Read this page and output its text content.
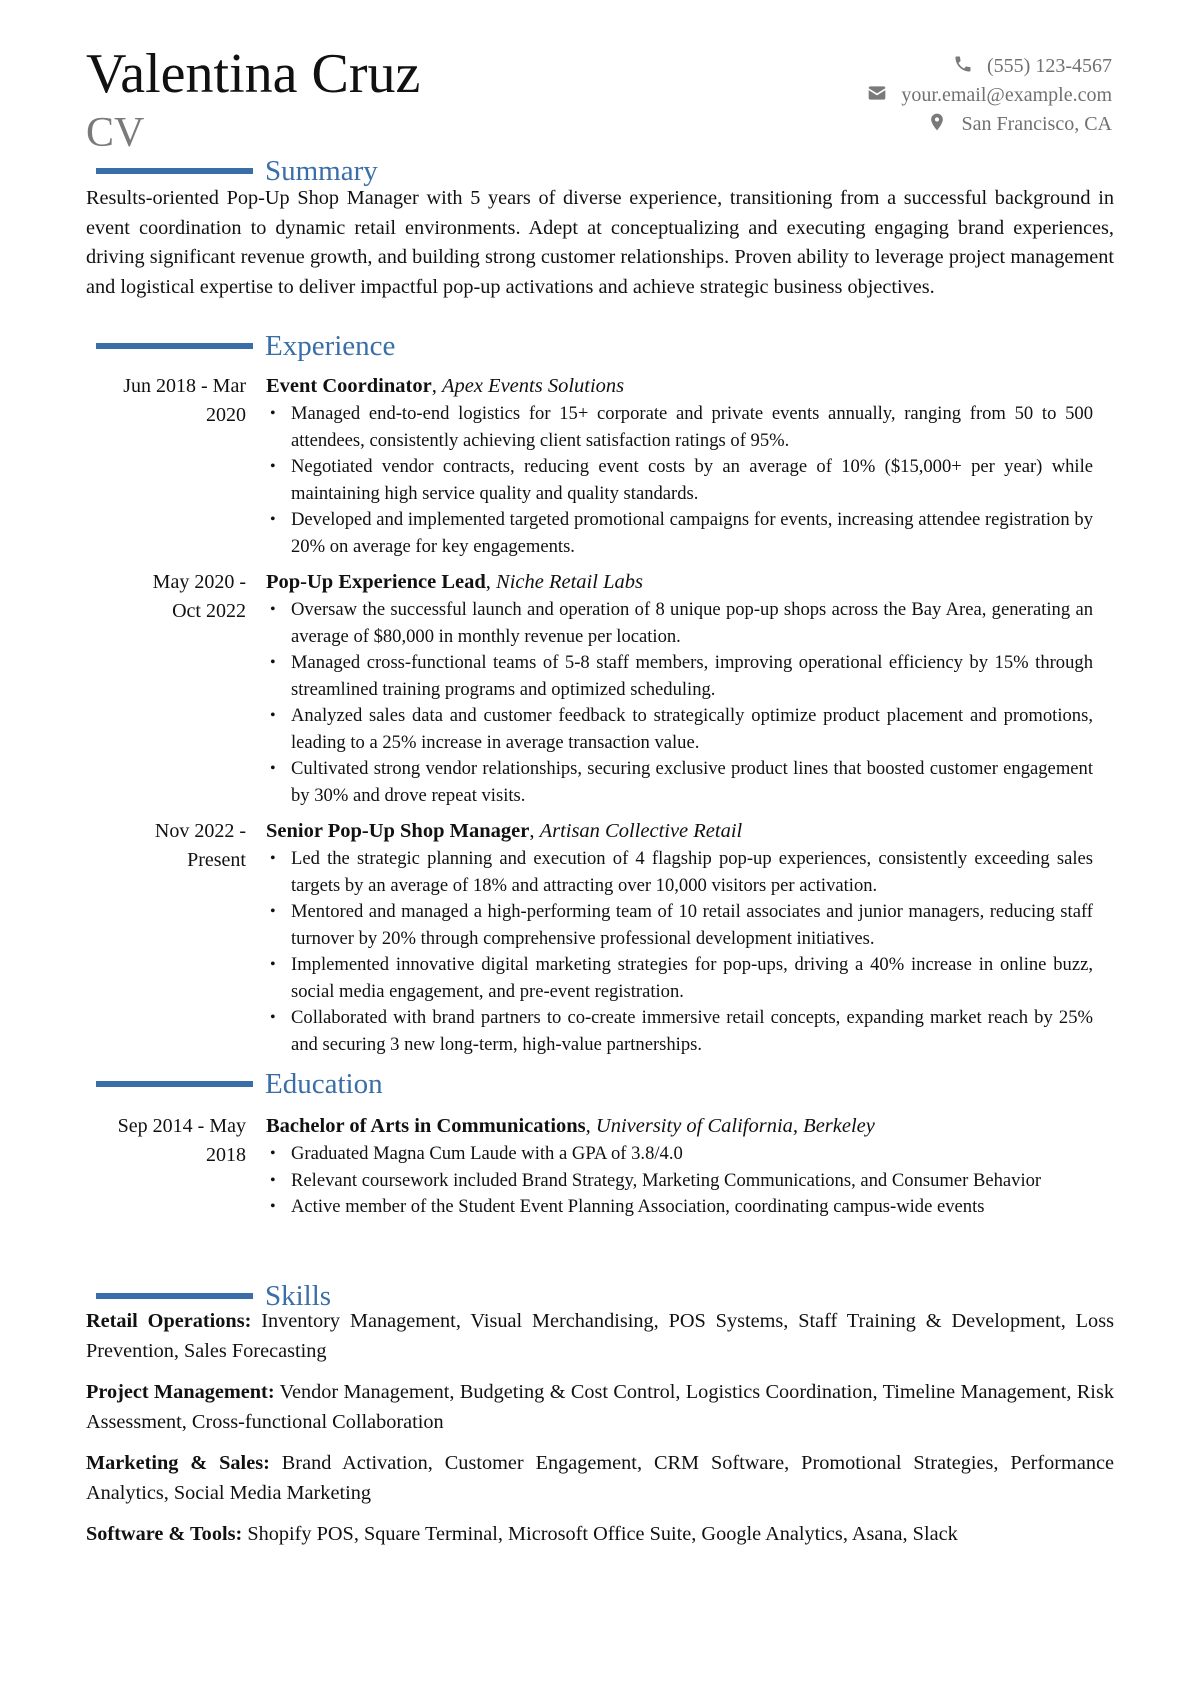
Valentina Cruz
CV
(555) 123-4567
your.email@example.com
San Francisco, CA
Summary
Results-oriented Pop-Up Shop Manager with 5 years of diverse experience, transitioning from a successful background in event coordination to dynamic retail environments. Adept at conceptualizing and executing engaging brand experiences, driving significant revenue growth, and building strong customer relationships. Proven ability to leverage project management and logistical expertise to deliver impactful pop-up activations and achieve strategic business objectives.
Experience
Jun 2018 - Mar
2020
Event Coordinator, Apex Events Solutions
• Managed end-to-end logistics for 15+ corporate and private events annually, ranging from 50 to 500 attendees, consistently achieving client satisfaction ratings of 95%.
• Negotiated vendor contracts, reducing event costs by an average of 10% ($15,000+ per year) while maintaining high service quality and quality standards.
• Developed and implemented targeted promotional campaigns for events, increasing attendee registration by 20% on average for key engagements.
May 2020 -
Oct 2022
Pop-Up Experience Lead, Niche Retail Labs
• Oversaw the successful launch and operation of 8 unique pop-up shops across the Bay Area, generating an average of $80,000 in monthly revenue per location.
• Managed cross-functional teams of 5-8 staff members, improving operational efficiency by 15% through streamlined training programs and optimized scheduling.
• Analyzed sales data and customer feedback to strategically optimize product placement and promotions, leading to a 25% increase in average transaction value.
• Cultivated strong vendor relationships, securing exclusive product lines that boosted customer engagement by 30% and drove repeat visits.
Nov 2022 -
Present
Senior Pop-Up Shop Manager, Artisan Collective Retail
• Led the strategic planning and execution of 4 flagship pop-up experiences, consistently exceeding sales targets by an average of 18% and attracting over 10,000 visitors per activation.
• Mentored and managed a high-performing team of 10 retail associates and junior managers, reducing staff turnover by 20% through comprehensive professional development initiatives.
• Implemented innovative digital marketing strategies for pop-ups, driving a 40% increase in online buzz, social media engagement, and pre-event registration.
• Collaborated with brand partners to co-create immersive retail concepts, expanding market reach by 25% and securing 3 new long-term, high-value partnerships.
Education
Sep 2014 - May
2018
Bachelor of Arts in Communications, University of California, Berkeley
• Graduated Magna Cum Laude with a GPA of 3.8/4.0
• Relevant coursework included Brand Strategy, Marketing Communications, and Consumer Behavior
• Active member of the Student Event Planning Association, coordinating campus-wide events
Skills
Retail Operations: Inventory Management, Visual Merchandising, POS Systems, Staff Training & Development, Loss Prevention, Sales Forecasting
Project Management: Vendor Management, Budgeting & Cost Control, Logistics Coordination, Timeline Management, Risk Assessment, Cross-functional Collaboration
Marketing & Sales: Brand Activation, Customer Engagement, CRM Software, Promotional Strategies, Performance Analytics, Social Media Marketing
Software & Tools: Shopify POS, Square Terminal, Microsoft Office Suite, Google Analytics, Asana, Slack
